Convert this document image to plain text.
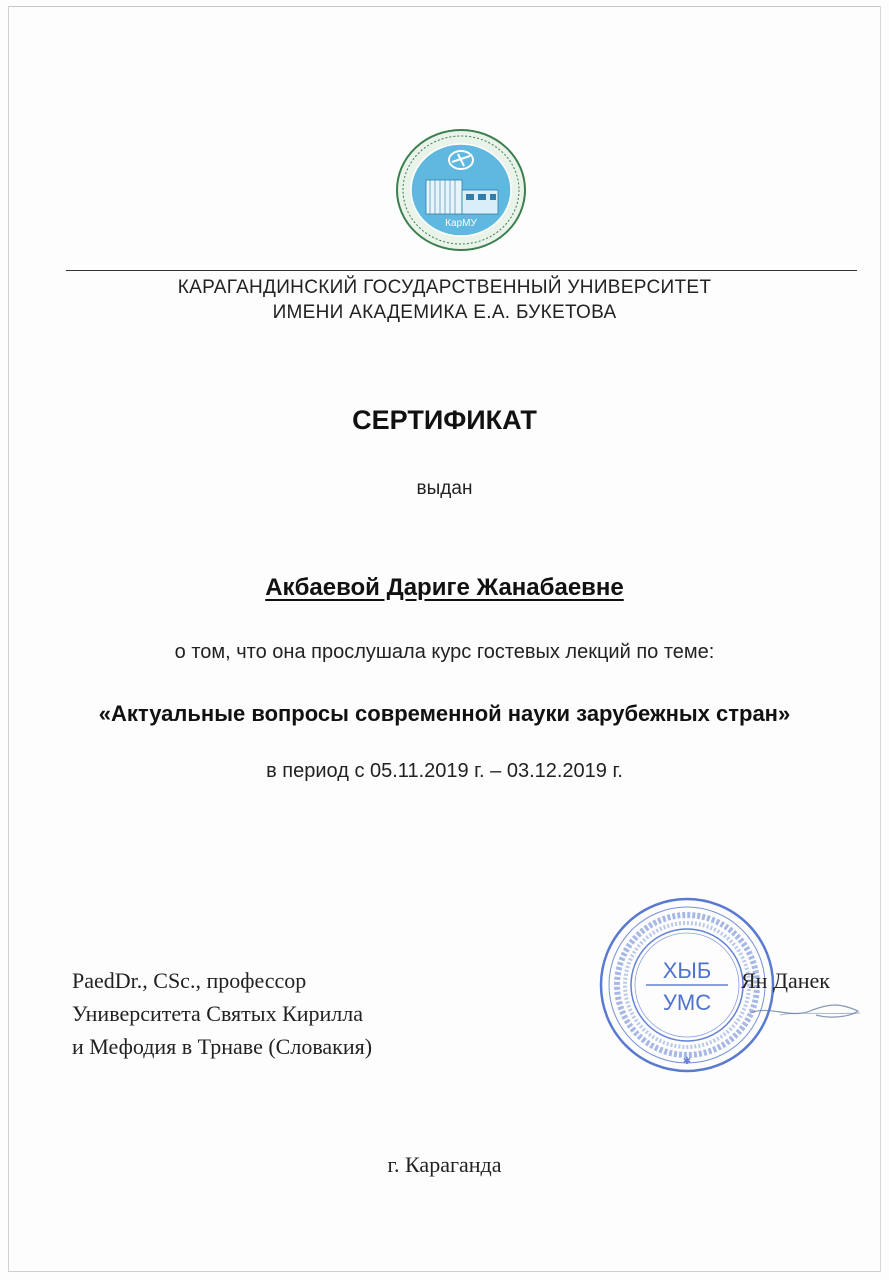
КарМУ
КАРАГАНДИНСКИЙ ГОСУДАРСТВЕННЫЙ УНИВЕРСИТЕТ
ИМЕНИ АКАДЕМИКА Е.А. БУКЕТОВА
СЕРТИФИКАТ
выдан
Акбаевой Дариге Жанабаевне
о том, что она прослушала курс гостевых лекций по теме:
«Актуальные вопросы современной науки зарубежных стран»
в период с 05.11.2019 г. – 03.12.2019 г.
PaedDr., CSc., профессор
Университета Святых Кирилла
и Мефодия в Трнаве (Словакия)
ХЫБ
УМС
✱
Ян Данек
г. Караганда
